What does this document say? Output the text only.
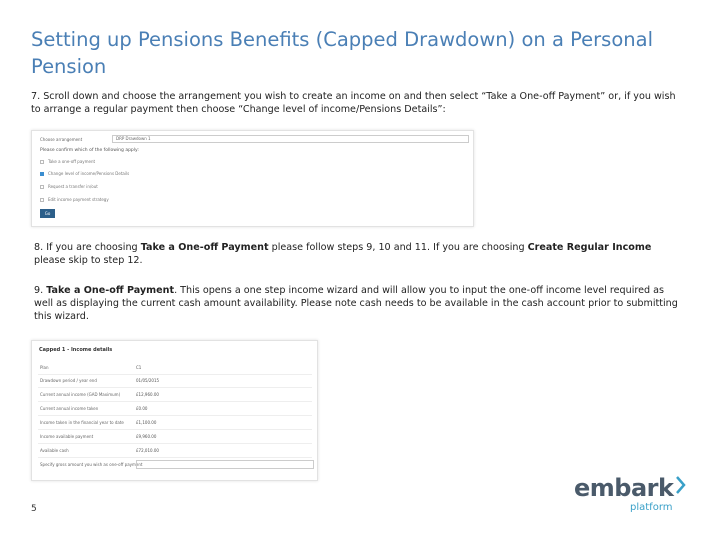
Setting up Pensions Benefits (Capped Drawdown) on a Personal Pension

7. Scroll down and choose the arrangement you wish to create an income on and then select “Take a One-off Payment” or, if you wish to arrange a regular payment then choose “Change level of income/Pensions Details”:

Choose arrangement	DRP Drawdown 1
Please confirm which of the following apply:
Take a one-off payment
Change level of income/Pensions Details
Request a transfer in/out
Edit income payment strategy
Go

8. If you are choosing Take a One-off Payment please follow steps 9, 10 and 11. If you are choosing Create Regular Income please skip to step 12.

9. Take a One-off Payment. This opens a one step income wizard and will allow you to input the one-off income level required as well as displaying the current cash amount availability. Please note cash needs to be available in the cash account prior to submitting this wizard.

Capped 1 - Income details
Plan	C1
Drawdown period / year end	01/05/2015
Current annual income (GAD Maximum)	£12,960.00
Current annual income taken	£0.00
Income taken in the financial year to date	£1,100.00
Income available payment	£9,960.00
Available cash	£72,010.00
Specify gross amount you wish as one-off payment
5
embark
platform
